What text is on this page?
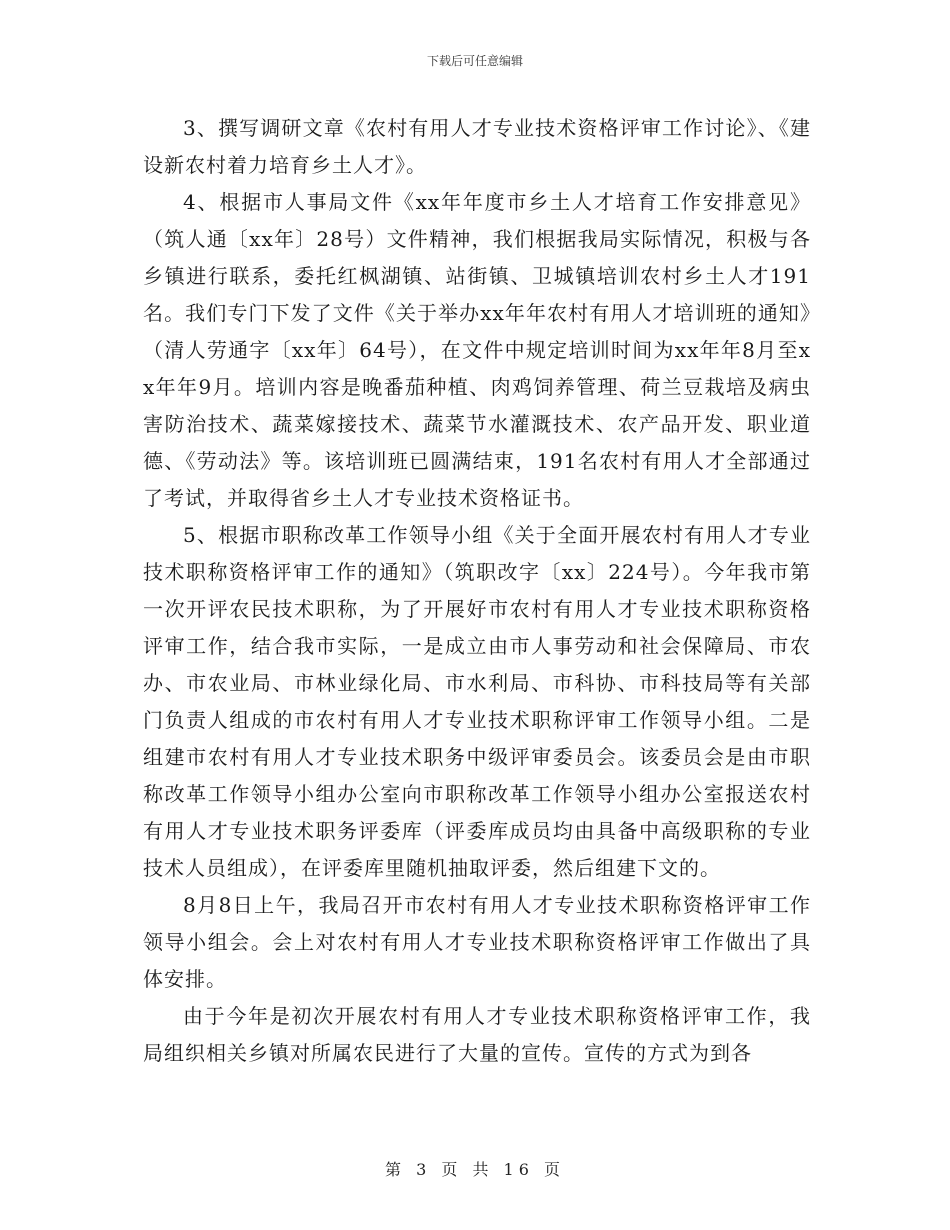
下载后可任意编辑

3、撰写调研文章《农村有用人才专业技术资格评审工作讨论》、《建设新农村着力培育乡土人才》。

4、根据市人事局文件《xx年年度市乡土人才培育工作安排意见》（筑人通〔xx年〕28号）文件精神，我们根据我局实际情况，积极与各乡镇进行联系，委托红枫湖镇、站街镇、卫城镇培训农村乡土人才191名。我们专门下发了文件《关于举办xx年年农村有用人才培训班的通知》（清人劳通字〔xx年〕64号），在文件中规定培训时间为xx年年8月至xx年年9月。培训内容是晚番茄种植、肉鸡饲养管理、荷兰豆栽培及病虫害防治技术、蔬菜嫁接技术、蔬菜节水灌溉技术、农产品开发、职业道德、《劳动法》等。该培训班已圆满结束，191名农村有用人才全部通过了考试，并取得省乡土人才专业技术资格证书。

5、根据市职称改革工作领导小组《关于全面开展农村有用人才专业技术职称资格评审工作的通知》（筑职改字〔xx〕224号）。今年我市第一次开评农民技术职称，为了开展好市农村有用人才专业技术职称资格评审工作，结合我市实际，一是成立由市人事劳动和社会保障局、市农办、市农业局、市林业绿化局、市水利局、市科协、市科技局等有关部门负责人组成的市农村有用人才专业技术职称评审工作领导小组。二是组建市农村有用人才专业技术职务中级评审委员会。该委员会是由市职称改革工作领导小组办公室向市职称改革工作领导小组办公室报送农村有用人才专业技术职务评委库（评委库成员均由具备中高级职称的专业技术人员组成），在评委库里随机抽取评委，然后组建下文的。

8月8日上午，我局召开市农村有用人才专业技术职称资格评审工作领导小组会。会上对农村有用人才专业技术职称资格评审工作做出了具体安排。

由于今年是初次开展农村有用人才专业技术职称资格评审工作，我局组织相关乡镇对所属农民进行了大量的宣传。宣传的方式为到各

第 3 页 共 16 页
